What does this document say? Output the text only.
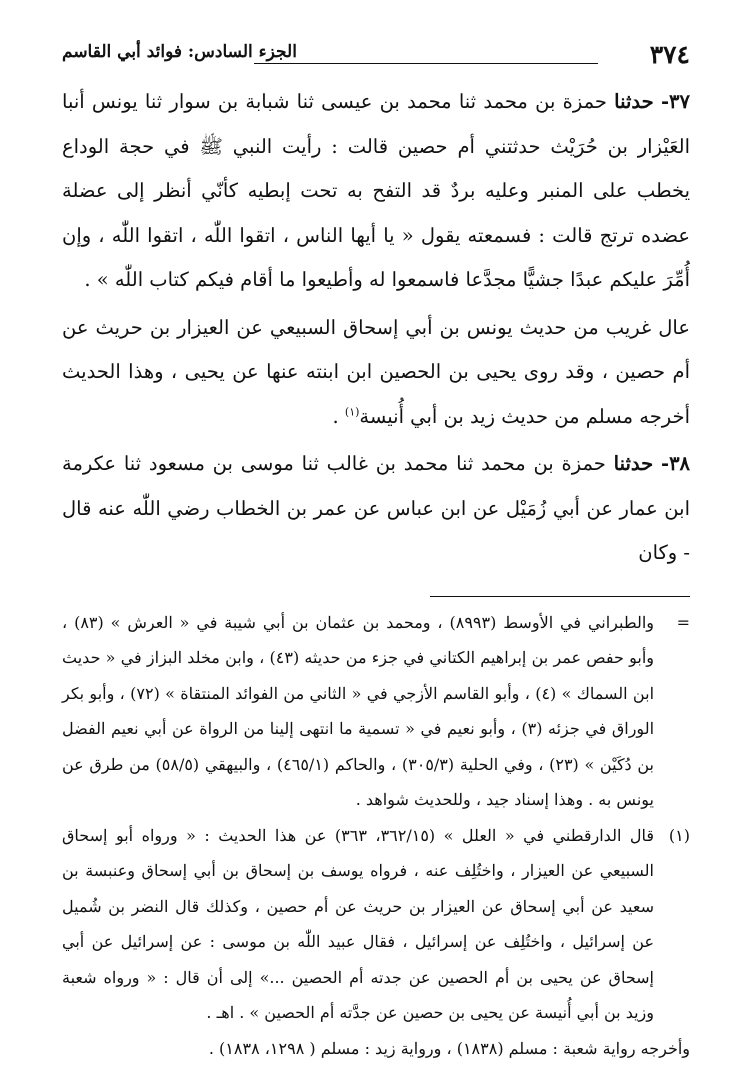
٣٧٤
الجزء السادس: فوائد أبي القاسم

٣٧- حدثنا حمزة بن محمد ثنا محمد بن عيسى ثنا شبابة بن سوار ثنا يونس أنبا العَيْزار بن حُرَيْث حدثتني أم حصين قالت : رأيت النبي ﷺ في حجة الوداع يخطب على المنبر وعليه بردٌ قد التفح به تحت إبطيه كأنّي أنظر إلى عضلة عضده ترتج قالت : فسمعته يقول « يا أيها الناس ، اتقوا اللّٰه ، اتقوا اللّٰه ، وإن أُمِّرَ عليكم عبدًا جشيًّا مجدَّعا فاسمعوا له وأطيعوا ما أقام فيكم كتاب اللّٰه » .

عال غريب من حديث يونس بن أبي إسحاق السبيعي عن العيزار بن حريث عن أم حصين ، وقد روى يحيى بن الحصين ابن ابنته عنها عن يحيى ، وهذا الحديث أخرجه مسلم من حديث زيد بن أبي أُنيسة$^{(١)}$ .

٣٨- حدثنا حمزة بن محمد ثنا محمد بن غالب ثنا موسى بن مسعود ثنا عكرمة ابن عمار عن أبي زُمَيْل عن ابن عباس عن عمر بن الخطاب رضي اللّٰه عنه قال - وكان

=

والطبراني في الأوسط (٨٩٩٣) ، ومحمد بن عثمان بن أبي شيبة في « العرش » (٨٣) ، وأبو حفص عمر بن إبراهيم الكتاني في جزء من حديثه (٤٣) ، وابن مخلد البزاز في « حديث ابن السماك » (٤) ، وأبو القاسم الأزجي في « الثاني من الفوائد المنتقاة » (٧٢) ، وأبو بكر الوراق في جزئه (٣) ، وأبو نعيم في « تسمية ما انتهى إلينا من الرواة عن أبي نعيم الفضل بن دُكَيْن » (٢٣) ، وفي الحلية (٣٠٥/٣) ، والحاكم (٤٦٥/١) ، والبيهقي (٥٨/٥) من طرق عن يونس به . وهذا إسناد جيد ، وللحديث شواهد .

(١)

قال الدارقطني في « العلل » (٣٦٢/١٥، ٣٦٣) عن هذا الحديث : « ورواه أبو إسحاق السبيعي عن العيزار ، واختُلِف عنه ، فرواه يوسف بن إسحاق بن أبي إسحاق وعنبسة بن سعيد عن أبي إسحاق عن العيزار بن حريث عن أم حصين ، وكذلك قال النضر بن شُميل عن إسرائيل ، واختُلِف عن إسرائيل ، فقال عبيد اللّٰه بن موسى : عن إسرائيل عن أبي إسحاق عن يحيى بن أم الحصين عن جدته أم الحصين ...» إلى أن قال : « ورواه شعبة وزيد بن أبي أُنيسة عن يحيى بن حصين عن جدَّته أم الحصين » . اهـ .

وأخرجه رواية شعبة : مسلم (١٨٣٨) ، ورواية زيد : مسلم ( ١٢٩٨، ١٨٣٨) .
